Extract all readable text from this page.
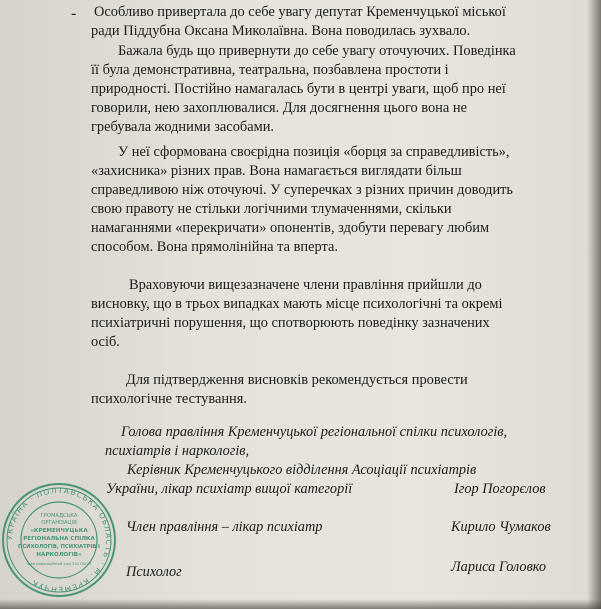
- Особливо привертала до себе увагу депутат Кременчуцької міської
ради Піддубна Оксана Миколаївна. Вона поводилась зухвало.
Бажала будь що привернути до себе увагу оточуючих. Поведінка
її була демонстративна, театральна, позбавлена простоти і
природності. Постійно намагалась бути в центрі уваги, щоб про неї
говорили, нею захоплювалися. Для досягнення цього вона не
гребувала жодними засобами.
У неї сформована своєрідна позиція «борця за справедливість»,
«захисника» різних прав. Вона намагається виглядати більш
справедливою ніж оточуючі. У суперечках з різних причин доводить
свою правоту не стільки логічними тлумаченнями, скільки
намаганнями «перекричати» опонентів, здобути перевагу любим
способом. Вона прямолінійна та вперта.
Враховуючи вищезазначене члени правління прийшли до
висновку, що в трьох випадках мають місце психологічні та окремі
психіатричні порушення, що спотворюють поведінку зазначених
осіб.
Для підтвердження висновків рекомендується провести
психологічне тестування.
Голова правління Кременчуцької регіональної спілки психологів,
психіатрів і наркологів,
Керівник Кременчуцького відділення Асоціації психіатрів
України, лікар психіатр вищої категорії	Ігор Погорєлов
Член правління – лікар психіатр	Кирило Чумаков
Психолог	Лариса Головко
УКРАЇНА · ПОЛТАВСЬКА ОБЛАСТЬ · М. КРЕМЕНЧУК
ГРОМАДСЬКА
ОРГАНІЗАЦІЯ
«КРЕМЕНЧУЦЬКА
РЕГІОНАЛЬНА СПІЛКА
ПСИХОЛОГІВ, ПСИХІАТРІВ І
НАРКОЛОГІВ»
ідентифікаційний код 34170023
